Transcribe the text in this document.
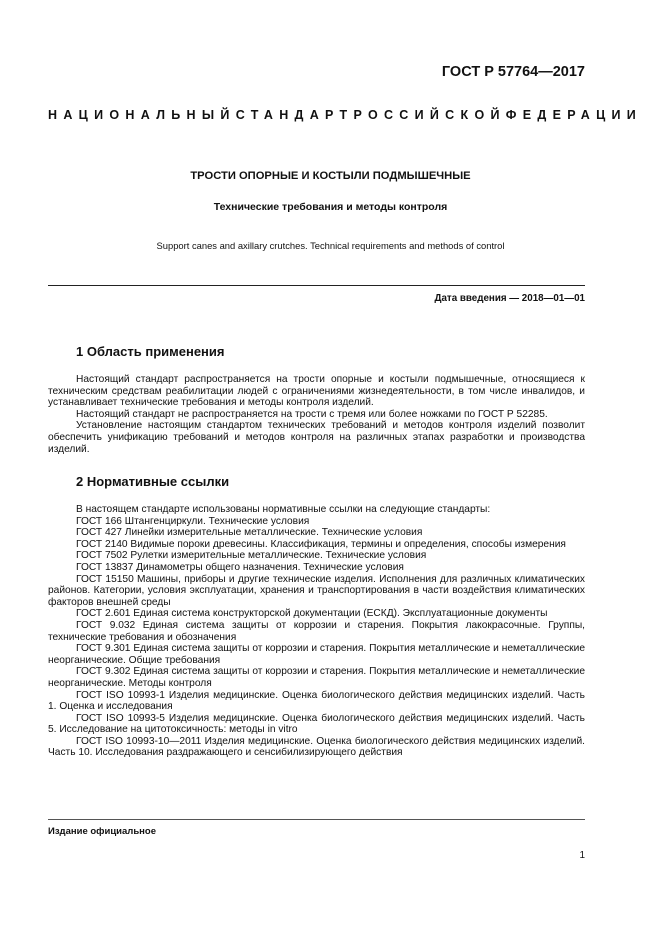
ГОСТ Р 57764—2017
НАЦИОНАЛЬНЫЙ СТАНДАРТ РОССИЙСКОЙ ФЕДЕРАЦИИ
ТРОСТИ ОПОРНЫЕ И КОСТЫЛИ ПОДМЫШЕЧНЫЕ
Технические требования и методы контроля
Support canes and axillary crutches. Technical requirements and methods of control
Дата введения — 2018—01—01
1 Область применения

Настоящий стандарт распространяется на трости опорные и костыли подмышечные, относящиеся к техническим средствам реабилитации людей с ограничениями жизнедеятельности, в том числе инвалидов, и устанавливает технические требования и методы контроля изделий.

Настоящий стандарт не распространяется на трости с тремя или более ножками по ГОСТ Р 52285.

Установление настоящим стандартом технических требований и методов контроля изделий позволит обеспечить унификацию требований и методов контроля на различных этапах разработки и производства изделий.

2 Нормативные ссылки

В настоящем стандарте использованы нормативные ссылки на следующие стандарты:

ГОСТ 166 Штангенциркули. Технические условия

ГОСТ 427 Линейки измерительные металлические. Технические условия

ГОСТ 2140 Видимые пороки древесины. Классификация, термины и определения, способы измерения

ГОСТ 7502 Рулетки измерительные металлические. Технические условия

ГОСТ 13837 Динамометры общего назначения. Технические условия

ГОСТ 15150 Машины, приборы и другие технические изделия. Исполнения для различных климатических районов. Категории, условия эксплуатации, хранения и транспортирования в части воздействия климатических факторов внешней среды

ГОСТ 2.601 Единая система конструкторской документации (ЕСКД). Эксплуатационные документы

ГОСТ 9.032 Единая система защиты от коррозии и старения. Покрытия лакокрасочные. Группы, технические требования и обозначения

ГОСТ 9.301 Единая система защиты от коррозии и старения. Покрытия металлические и неметаллические неорганические. Общие требования

ГОСТ 9.302 Единая система защиты от коррозии и старения. Покрытия металлические и неметаллические неорганические. Методы контроля

ГОСТ ISO 10993-1 Изделия медицинские. Оценка биологического действия медицинских изделий. Часть 1. Оценка и исследования

ГОСТ ISO 10993-5 Изделия медицинские. Оценка биологического действия медицинских изделий. Часть 5. Исследование на цитотоксичность: методы in vitro

ГОСТ ISO 10993-10—2011 Изделия медицинские. Оценка биологического действия медицинских изделий. Часть 10. Исследования раздражающего и сенсибилизирующего действия

Издание официальное
1
